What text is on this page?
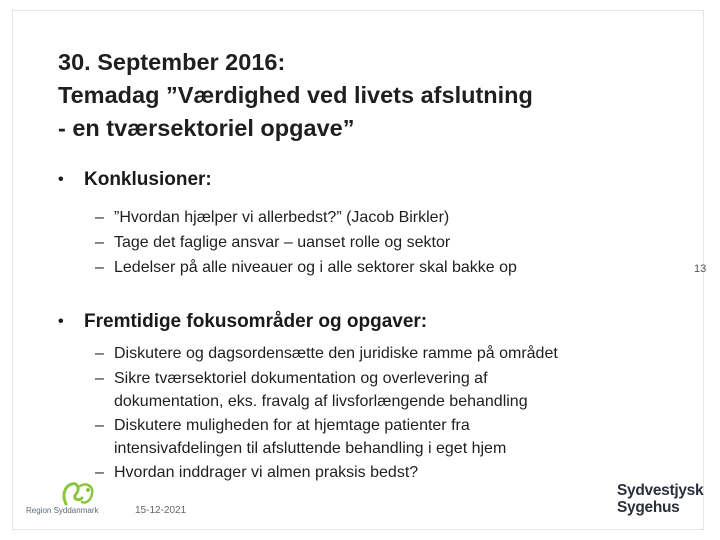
30. September 2016:
Temadag ”Værdighed ved livets afslutning
- en tværsektoriel opgave”
• Konklusioner:
– ”Hvordan hjælper vi allerbedst?” (Jacob Birkler)
– Tage det faglige ansvar – uanset rolle og sektor
– Ledelser på alle niveauer og i alle sektorer skal bakke op
• Fremtidige fokusområder og opgaver:
– Diskutere og dagsordensætte den juridiske ramme på området
– Sikre tværsektoriel dokumentation og overlevering af
dokumentation, eks. fravalg af livsforlængende behandling
– Diskutere muligheden for at hjemtage patienter fra
intensivafdelingen til afsluttende behandling i eget hjem
– Hvordan inddrager vi almen praksis bedst?
13
Region Syddanmark	15-12-2021
Sydvestjysk
Sygehus
